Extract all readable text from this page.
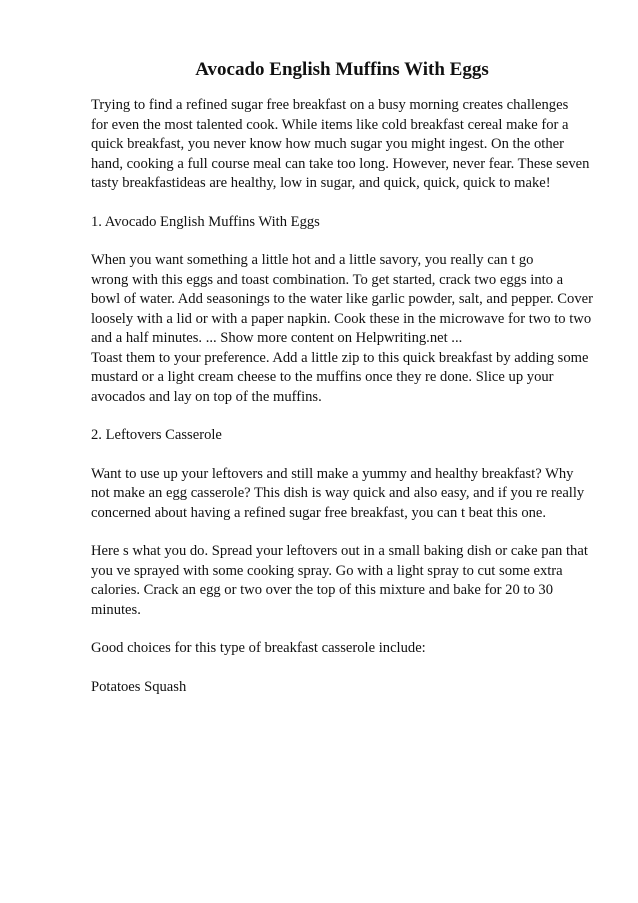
Avocado English Muffins With Eggs
Trying to find a refined sugar free breakfast on a busy morning creates challenges
for even the most talented cook. While items like cold breakfast cereal make for a
quick breakfast, you never know how much sugar you might ingest. On the other
hand, cooking a full course meal can take too long. However, never fear. These seven
tasty breakfastideas are healthy, low in sugar, and quick, quick, quick to make!
1. Avocado English Muffins With Eggs
When you want something a little hot and a little savory, you really can t go
wrong with this eggs and toast combination. To get started, crack two eggs into a
bowl of water. Add seasonings to the water like garlic powder, salt, and pepper. Cover
loosely with a lid or with a paper napkin. Cook these in the microwave for two to two
and a half minutes. ... Show more content on Helpwriting.net ...
Toast them to your preference. Add a little zip to this quick breakfast by adding some
mustard or a light cream cheese to the muffins once they re done. Slice up your
avocados and lay on top of the muffins.
2. Leftovers Casserole
Want to use up your leftovers and still make a yummy and healthy breakfast? Why
not make an egg casserole? This dish is way quick and also easy, and if you re really
concerned about having a refined sugar free breakfast, you can t beat this one.
Here s what you do. Spread your leftovers out in a small baking dish or cake pan that
you ve sprayed with some cooking spray. Go with a light spray to cut some extra
calories. Crack an egg or two over the top of this mixture and bake for 20 to 30
minutes.
Good choices for this type of breakfast casserole include:
Potatoes Squash
